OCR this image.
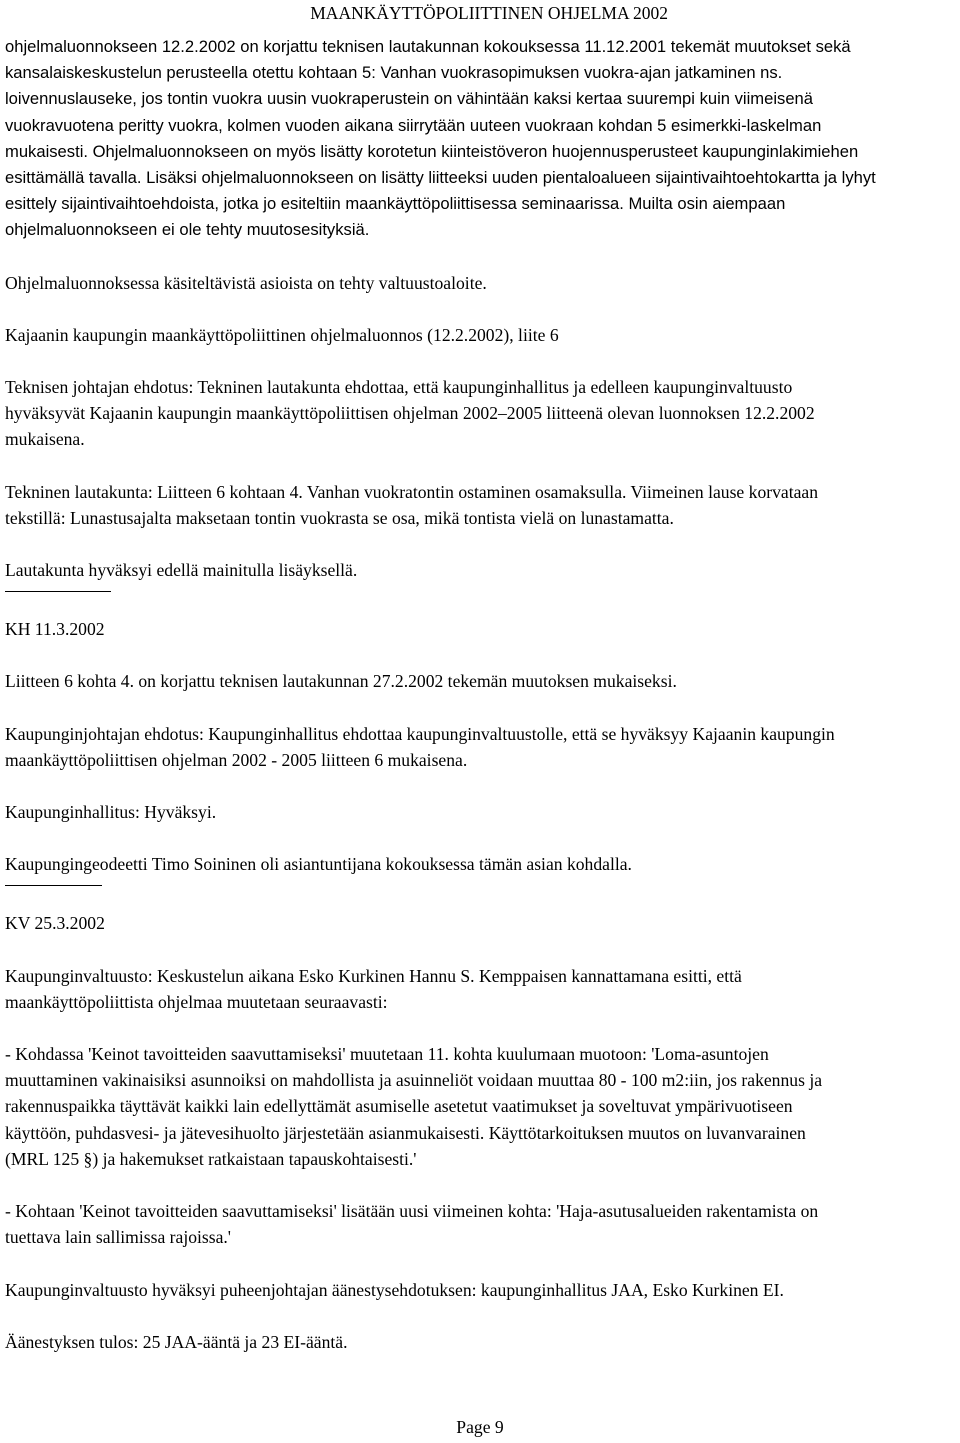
MAANKÄYTTÖPOLIITTINEN OHJELMA 2002
ohjelmaluonnokseen 12.2.2002 on korjattu teknisen lautakunnan kokouksessa 11.12.2001 tekemät muutokset sekä
kansalaiskeskustelun perusteella otettu kohtaan 5: Vanhan vuokrasopimuksen vuokra-ajan jatkaminen ns.
loivennuslauseke, jos tontin vuokra uusin vuokraperustein on vähintään kaksi kertaa suurempi kuin viimeisenä
vuokravuotena peritty vuokra, kolmen vuoden aikana siirrytään uuteen vuokraan kohdan 5 esimerkki-laskelman
mukaisesti. Ohjelmaluonnokseen on myös lisätty korotetun kiinteistöveron huojennusperusteet kaupunginlakimiehen
esittämällä tavalla. Lisäksi ohjelmaluonnokseen on lisätty liitteeksi uuden pientaloalueen sijaintivaihtoehtokartta ja lyhyt
esittely sijaintivaihtoehdoista, jotka jo esiteltiin maankäyttöpoliittisessa seminaarissa. Muilta osin aiempaan
ohjelmaluonnokseen ei ole tehty muutosesityksiä.
Ohjelmaluonnoksessa käsiteltävistä asioista on tehty valtuustoaloite.
Kajaanin kaupungin maankäyttöpoliittinen ohjelmaluonnos (12.2.2002), liite 6
Teknisen johtajan ehdotus: Tekninen lautakunta ehdottaa, että kaupunginhallitus ja edelleen kaupunginvaltuusto
hyväksyvät Kajaanin kaupungin maankäyttöpoliittisen ohjelman 2002–2005 liitteenä olevan luonnoksen 12.2.2002
mukaisena.
Tekninen lautakunta: Liitteen 6 kohtaan 4. Vanhan vuokratontin ostaminen osamaksulla. Viimeinen lause korvataan
tekstillä: Lunastusajalta maksetaan tontin vuokrasta se osa, mikä tontista vielä on lunastamatta.
Lautakunta hyväksyi edellä mainitulla lisäyksellä.
KH 11.3.2002
Liitteen 6 kohta 4. on korjattu teknisen lautakunnan 27.2.2002 tekemän muutoksen mukaiseksi.
Kaupunginjohtajan ehdotus: Kaupunginhallitus ehdottaa kaupunginvaltuustolle, että se hyväksyy Kajaanin kaupungin
maankäyttöpoliittisen ohjelman 2002 - 2005 liitteen 6 mukaisena.
Kaupunginhallitus: Hyväksyi.
Kaupungingeodeetti Timo Soininen oli asiantuntijana kokouksessa tämän asian kohdalla.
KV 25.3.2002
Kaupunginvaltuusto: Keskustelun aikana Esko Kurkinen Hannu S. Kemppaisen kannattamana esitti, että
maankäyttöpoliittista ohjelmaa muutetaan seuraavasti:
- Kohdassa 'Keinot tavoitteiden saavuttamiseksi' muutetaan 11. kohta kuulumaan muotoon: 'Loma-asuntojen
muuttaminen vakinaisiksi asunnoiksi on mahdollista ja asuinneliöt voidaan muuttaa 80 - 100 m2:iin, jos rakennus ja
rakennuspaikka täyttävät kaikki lain edellyttämät asumiselle asetetut vaatimukset ja soveltuvat ympärivuotiseen
käyttöön, puhdasvesi- ja jätevesihuolto järjestetään asianmukaisesti. Käyttötarkoituksen muutos on luvanvarainen
(MRL 125 §) ja hakemukset ratkaistaan tapauskohtaisesti.'
- Kohtaan 'Keinot tavoitteiden saavuttamiseksi' lisätään uusi viimeinen kohta: 'Haja-asutusalueiden rakentamista on
tuettava lain sallimissa rajoissa.'
Kaupunginvaltuusto hyväksyi puheenjohtajan äänestysehdotuksen: kaupunginhallitus JAA, Esko Kurkinen EI.
Äänestyksen tulos: 25 JAA-ääntä ja 23 EI-ääntä.
Page 9
